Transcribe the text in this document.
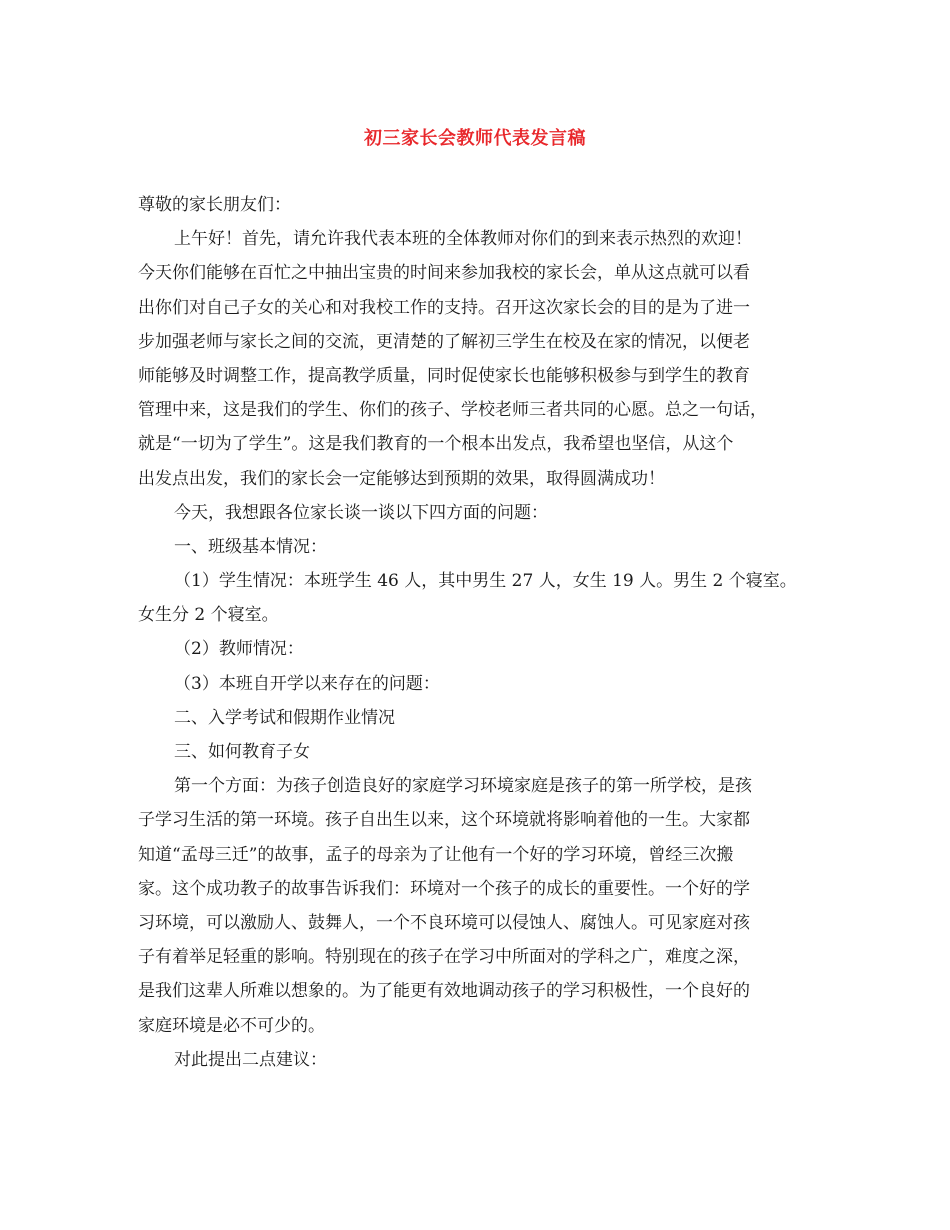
初三家长会教师代表发言稿
尊敬的家长朋友们：
上午好！首先，请允许我代表本班的全体教师对你们的到来表示热烈的欢迎！
今天你们能够在百忙之中抽出宝贵的时间来参加我校的家长会，单从这点就可以看
出你们对自己子女的关心和对我校工作的支持。召开这次家长会的目的是为了进一
步加强老师与家长之间的交流，更清楚的了解初三学生在校及在家的情况，以便老
师能够及时调整工作，提高教学质量，同时促使家长也能够积极参与到学生的教育
管理中来，这是我们的学生、你们的孩子、学校老师三者共同的心愿。总之一句话，
就是“一切为了学生”。这是我们教育的一个根本出发点，我希望也坚信，从这个
出发点出发，我们的家长会一定能够达到预期的效果，取得圆满成功！
今天，我想跟各位家长谈一谈以下四方面的问题：
一、班级基本情况：
（1）学生情况：本班学生 46 人，其中男生 27 人，女生 19 人。男生 2 个寝室。
女生分 2 个寝室。
（2）教师情况：
（3）本班自开学以来存在的问题：
二、入学考试和假期作业情况
三、如何教育子女
第一个方面：为孩子创造良好的家庭学习环境家庭是孩子的第一所学校，是孩
子学习生活的第一环境。孩子自出生以来，这个环境就将影响着他的一生。大家都
知道“孟母三迁”的故事，孟子的母亲为了让他有一个好的学习环境，曾经三次搬
家。这个成功教子的故事告诉我们：环境对一个孩子的成长的重要性。一个好的学
习环境，可以激励人、鼓舞人，一个不良环境可以侵蚀人、腐蚀人。可见家庭对孩
子有着举足轻重的影响。特别现在的孩子在学习中所面对的学科之广，难度之深，
是我们这辈人所难以想象的。为了能更有效地调动孩子的学习积极性，一个良好的
家庭环境是必不可少的。
对此提出二点建议：
